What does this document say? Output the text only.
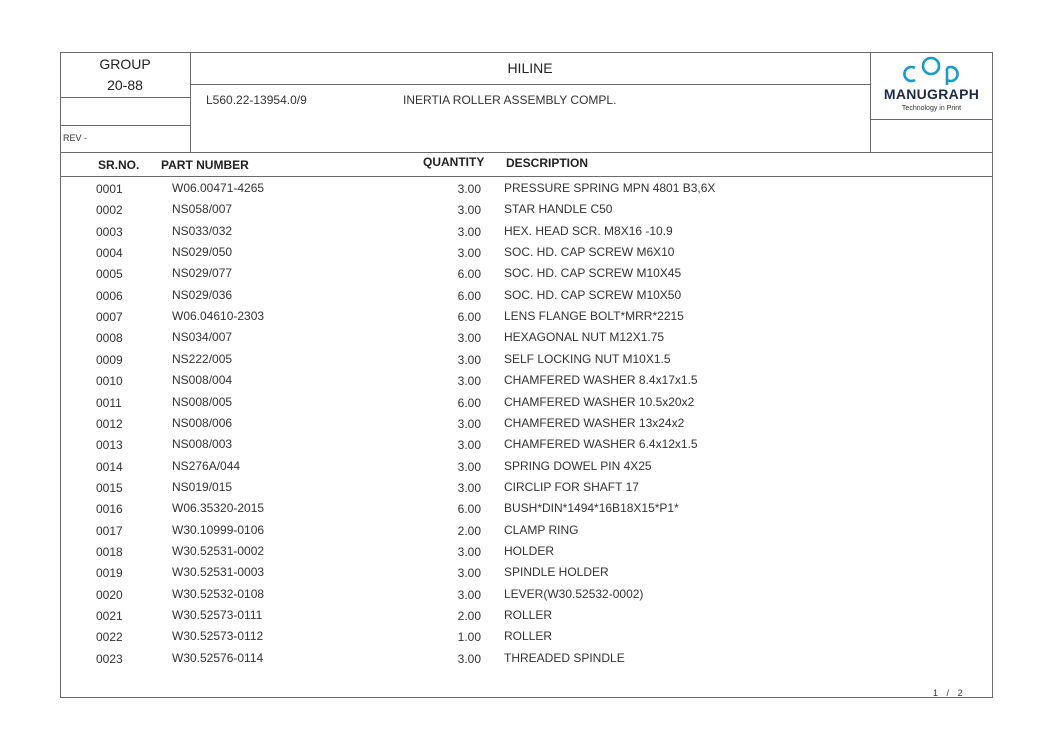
GROUP
20-88
HILINE
L560.22-13954.0/9	INERTIA ROLLER ASSEMBLY COMPL.
REV -
MANUGRAPH
Technology in Print
SR.NO. PART NUMBER	QUANTITY DESCRIPTION
0001	W06.00471-4265	3.00 PRESSURE SPRING MPN 4801 B3,6X
0002	NS058/007	3.00 STAR HANDLE C50
0003	NS033/032	3.00 HEX. HEAD SCR. M8X16 -10.9
0004	NS029/050	3.00 SOC. HD. CAP SCREW M6X10
0005	NS029/077	6.00 SOC. HD. CAP SCREW M10X45
0006	NS029/036	6.00 SOC. HD. CAP SCREW M10X50
0007	W06.04610-2303	6.00 LENS FLANGE BOLT*MRR*2215
0008	NS034/007	3.00 HEXAGONAL NUT M12X1.75
0009	NS222/005	3.00 SELF LOCKING NUT M10X1.5
0010	NS008/004	3.00 CHAMFERED WASHER 8.4x17x1.5
0011	NS008/005	6.00 CHAMFERED WASHER 10.5x20x2
0012	NS008/006	3.00 CHAMFERED WASHER 13x24x2
0013	NS008/003	3.00 CHAMFERED WASHER 6.4x12x1.5
0014	NS276A/044	3.00 SPRING DOWEL PIN 4X25
0015	NS019/015	3.00 CIRCLIP FOR SHAFT 17
0016	W06.35320-2015	6.00 BUSH*DIN*1494*16B18X15*P1*
0017	W30.10999-0106	2.00 CLAMP RING
0018	W30.52531-0002	3.00 HOLDER
0019	W30.52531-0003	3.00 SPINDLE HOLDER
0020	W30.52532-0108	3.00 LEVER(W30.52532-0002)
0021	W30.52573-0111	2.00 ROLLER
0022	W30.52573-0112	1.00 ROLLER
0023	W30.52576-0114	3.00 THREADED SPINDLE
1 / 2
